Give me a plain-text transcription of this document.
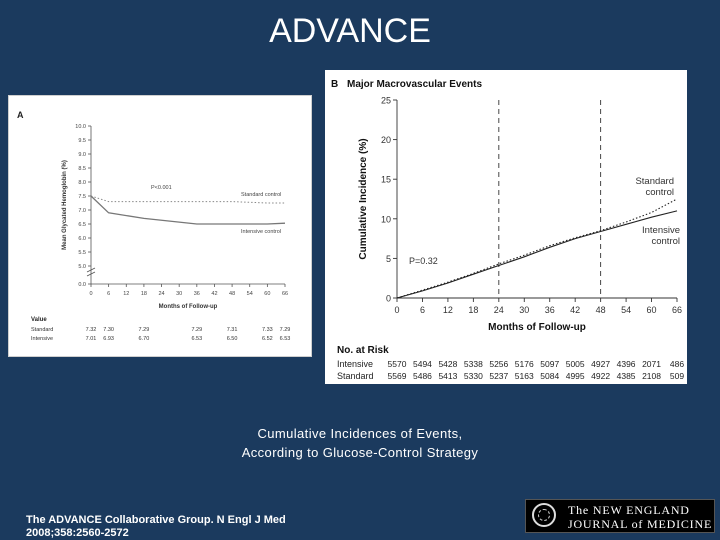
ADVANCE
A
0.0
5.0
5.5
6.0
6.5
7.0
7.5
8.0
8.5
9.0
9.5
10.0
0	6 12 18 24 30 36 42 48 54 60 66
Months of Follow-up
Mean Glycated Hemoglobin (%)	Standard control
Intensive control
P<0.001
Value
Standard	7.32 7.30	7.29	7.29	7.31	7.33 7.29
Intensive	7.01 6.93	6.70	6.53	6.50	6.52 6.53
B Major Macrovascular Events
0
5
10
15
20
25
0 6 12 18 24 30 36 42 48 54 60 66
Months of Follow-up
Cumulative Incidence (%)	Standard
control
Intensive
control
P=0.32
No. at Risk
Intensive 5570 5494 5428 5338 5256 5176 5097 5005 4927 4396 2071 486
Standard 5569 5486 5413 5330 5237 5163 5084 4995 4922 4385 2108 509
Cumulative Incidences of Events,
According to Glucose-Control Strategy
The ADVANCE Collaborative Group. N Engl J Med
2008;358:2560-2572
The NEW ENGLAND
JOURNAL of MEDICINE
